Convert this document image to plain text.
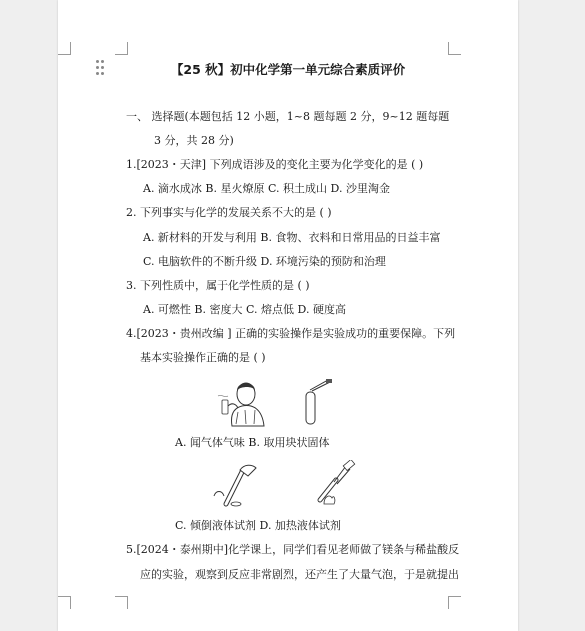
【25 秋】初中化学第一单元综合素质评价
一、 选择题(本题包括 12 小题，1~8 题每题 2 分，9~12 题每题
3 分，共 28 分)
1.[2023・天津] 下列成语涉及的变化主要为化学变化的是 ( )
A. 滴水成冰 B. 星火燎原 C. 积土成山 D. 沙里淘金
2. 下列事实与化学的发展关系不大的是 ( )
A. 新材料的开发与利用 B. 食物、衣料和日常用品的日益丰富
C. 电脑软件的不断升级 D. 环境污染的预防和治理
3. 下列性质中，属于化学性质的是 ( )
A. 可燃性 B. 密度大 C. 熔点低 D. 硬度高
4.[2023・贵州改编 ] 正确的实验操作是实验成功的重要保障。下列
基本实验操作正确的是 ( )
A. 闻气体气味 B. 取用块状固体
C. 倾倒液体试剂 D. 加热液体试剂
5.[2024・泰州期中]化学课上，同学们看见老师做了镁条与稀盐酸反
应的实验，观察到反应非常剧烈，还产生了大量气泡，于是就提出
